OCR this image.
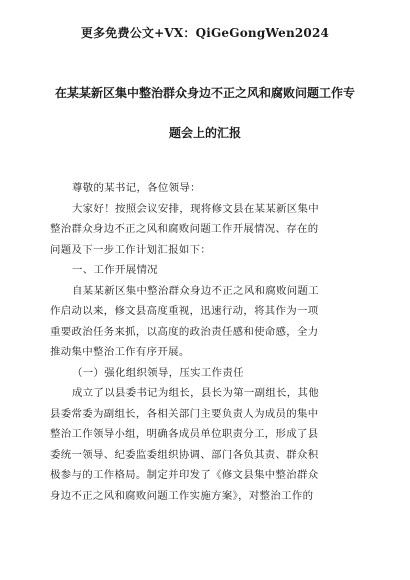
更多免费公文+VX：QiGeGongWen2024
在某某新区集中整治群众身边不正之风和腐败问题工作专
题会上的汇报
尊敬的某书记，各位领导：
大家好！按照会议安排，现将修文县在某某新区集中
整治群众身边不正之风和腐败问题工作开展情况、存在的
问题及下一步工作计划汇报如下：
一、工作开展情况
自某某新区集中整治群众身边不正之风和腐败问题工
作启动以来，修文县高度重视，迅速行动，将其作为一项
重要政治任务来抓，以高度的政治责任感和使命感，全力
推动集中整治工作有序开展。
（一）强化组织领导，压实工作责任
成立了以县委书记为组长，县长为第一副组长，其他
县委常委为副组长，各相关部门主要负责人为成员的集中
整治工作领导小组，明确各成员单位职责分工，形成了县
委统一领导、纪委监委组织协调、部门各负其责、群众积
极参与的工作格局。制定并印发了《修文县集中整治群众
身边不正之风和腐败问题工作实施方案》，对整治工作的
